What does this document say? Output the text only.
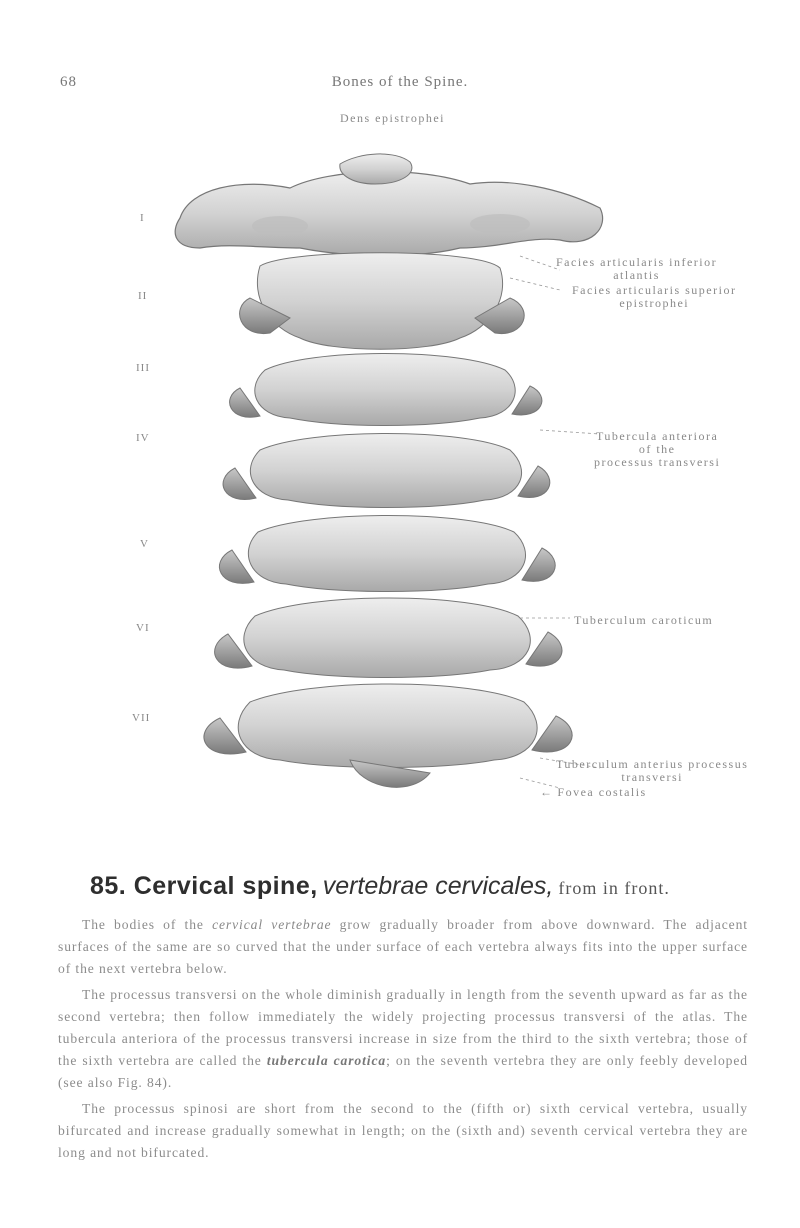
68	Bones of the Spine.
I
II
III
IV
V
VI
VII
Dens epistrophei
Facies articularis inferior
atlantis
Facies articularis superior
epistrophei
Tubercula anteriora
of the
processus transversi
Tuberculum caroticum
Tuberculum anterius processus
transversi
← Fovea costalis
85. Cervical spine, vertebrae cervicales, from in front.

The bodies of the cervical vertebrae grow gradually broader from above downward. The adjacent surfaces of the same are so curved that the under surface of each vertebra always fits into the upper surface of the next vertebra below.

The processus transversi on the whole diminish gradually in length from the seventh upward as far as the second vertebra; then follow immediately the widely projecting processus transversi of the atlas. The tubercula anteriora of the processus transversi increase in size from the third to the sixth vertebra; those of the sixth vertebra are called the tubercula carotica; on the seventh vertebra they are only feebly developed (see also Fig. 84).

The processus spinosi are short from the second to the (fifth or) sixth cervical vertebra, usually bifurcated and increase gradually somewhat in length; on the (sixth and) seventh cervical vertebra they are long and not bifurcated.
